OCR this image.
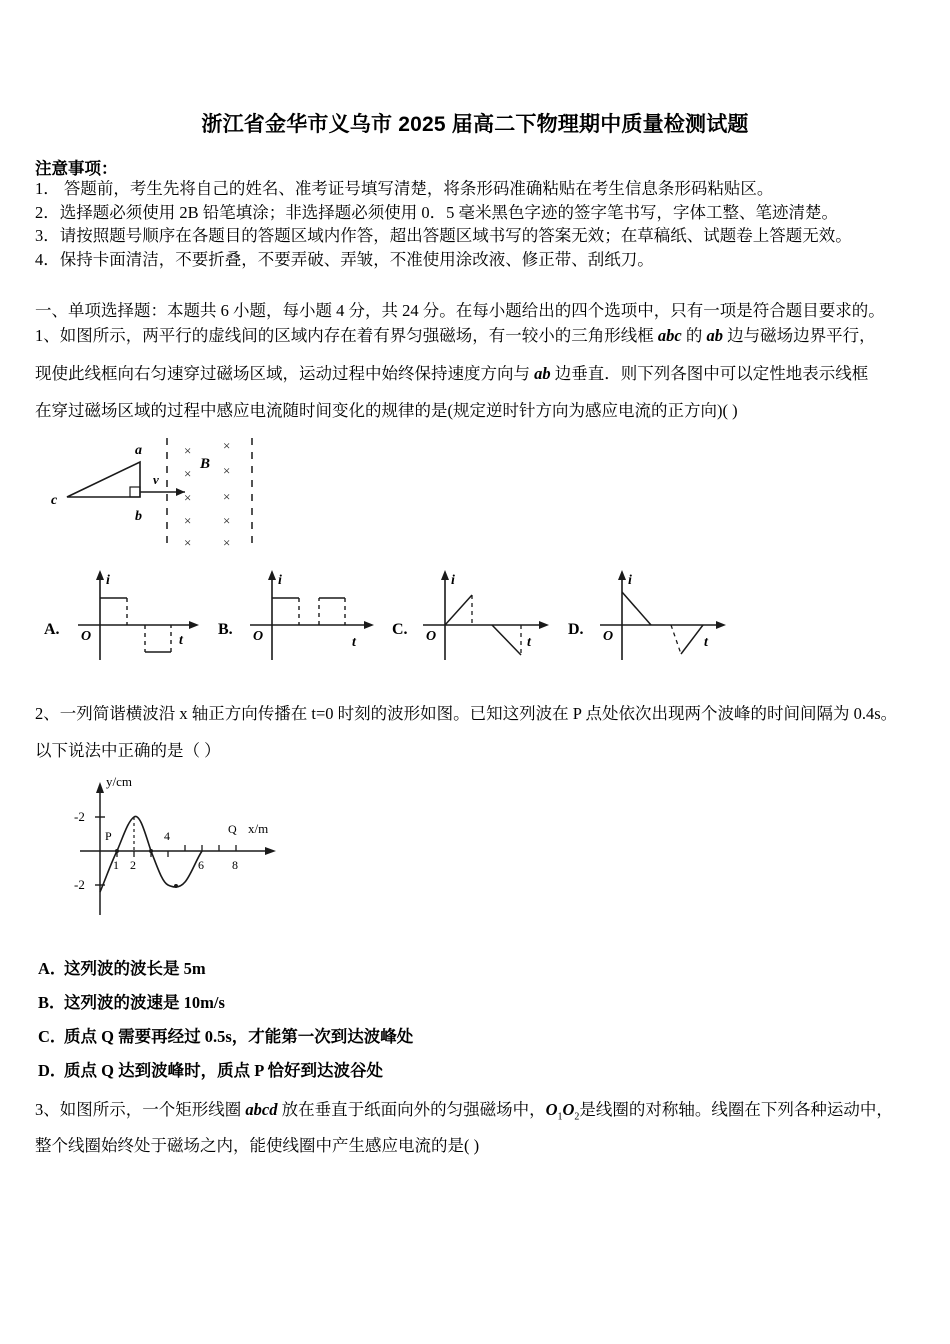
浙江省金华市义乌市 2025 届高二下物理期中质量检测试题
注意事项：
1． 答题前，考生先将自己的姓名、准考证号填写清楚，将条形码准确粘贴在考生信息条形码粘贴区。
2．选择题必须使用 2B 铅笔填涂；非选择题必须使用 0．5 毫米黑色字迹的签字笔书写，字体工整、笔迹清楚。
3．请按照题号顺序在各题目的答题区域内作答，超出答题区域书写的答案无效；在草稿纸、试题卷上答题无效。
4．保持卡面清洁，不要折叠，不要弄破、弄皱，不准使用涂改液、修正带、刮纸刀。
一、单项选择题：本题共 6 小题，每小题 4 分，共 24 分。在每小题给出的四个选项中，只有一项是符合题目要求的。
1、如图所示，两平行的虚线间的区域内存在着有界匀强磁场，有一较小的三角形线框 abc 的 ab 边与磁场边界平行，
现使此线框向右匀速穿过磁场区域，运动过程中始终保持速度方向与 ab 边垂直．则下列各图中可以定性地表示线框
在穿过磁场区域的过程中感应电流随时间变化的规律的是(规定逆时针方向为感应电流的正方向)( )
a
b
c
v
× ×
× ×
× ×
× ×
× ×
B
A.
i
t
O	B.
i
t
O	C.
i
t
O	D.
i
t
O
2、一列简谐横波沿 x 轴正方向传播在 t=0 时刻的波形如图。已知这列波在 P 点处依次出现两个波峰的时间间隔为 0.4s。
以下说法中正确的是（ ）
y/cm
x/m
-2
-2
1 2
4
6 8
P	Q
A．这列波的波长是 5m
B．这列波的波速是 10m/s
C．质点 Q 需要再经过 0.5s，才能第一次到达波峰处
D．质点 Q 达到波峰时，质点 P 恰好到达波谷处
3、如图所示，一个矩形线圈 abcd 放在垂直于纸面向外的匀强磁场中，$O_1O_2$是线圈的对称轴。线圈在下列各种运动中，
整个线圈始终处于磁场之内，能使线圈中产生感应电流的是( )
